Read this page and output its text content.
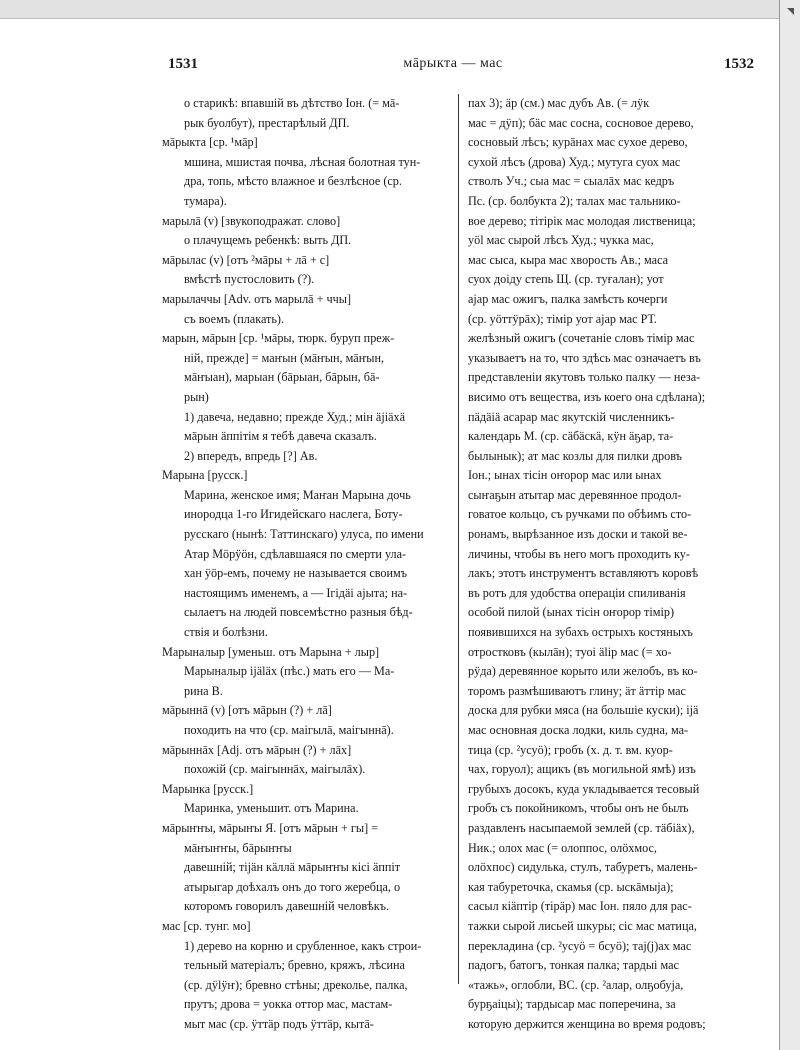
мāрыкта — мас
1531	1532
о старикѣ: впавшій въ дѣтство Іон. (= мā-
рык буолбут), престарѣлый ДП.
мāрыкта [ср. ¹мāр]
мшина, мшистая почва, лѣсная болотная тун-
дра, топь, мѣсто влажное и безлѣсное (ср.
тумара).
марылā (v) [звукоподражат. слово]
о плачущемъ ребенкѣ: выть ДП.
мāрылас (v) [отъ ²мāры + лā + с]
вмѣстѣ пустословить (?).
марылаччы [Adv. отъ марылā + ччы]
съ воемъ (плакать).
марын, мāрын [ср. ¹мāры, тюрк. буруп преж-
ній, прежде] = маҥын (мāҥын, мāҥын,
мāҥыан), марыан (бāрыан, бāрын, бā-
рын)
1) давеча, недавно; прежде Худ.; мін äjiäxä
мāрын äппітім я тебѣ давеча сказалъ.
2) впередъ, впредь [?] Ав.
Марына [русск.]
Марина, женское имя; Маҥан Марына дочь
инородца 1-го Игидейскаго наслега, Боту-
русскаго (нынѣ: Таттинскаго) улуса, по имени
Атар Мӧрӱӧн, сдѣлавшаяся по смерти ула-
хан ӱӧр-емъ, почему не называется своимъ
настоящимъ именемъ, а — Ігідäі аjыта; на-
сылаетъ на людей повсемѣстно разныя бѣд-
ствія и болѣзни.
Марыналыр [уменьш. отъ Марына + лыр]
Марыналыр ijäläx (пѣс.) мать его — Ма-
рина В.
мāрыннā (v) [отъ мāрын (?) + лā]
походить на что (ср. маігылā, маігыннā).
мāрыннāх [Adj. отъ мāрын (?) + лāх]
похожій (ср. маігыннāх, маігылāх).
Марынка [русск.]
Маринка, уменьшит. отъ Марина.
мāрыҥҥы, мāрыҥы Я. [отъ мāрын + гы] =
мāҥыҥҥы, бāрыҥҥы
давешній; тіjäн кäллä мāрыҥҥы кісі äппіт
атырыгар доѣхалъ онъ до того жеребца, о
которомъ говорилъ давешній человѣкъ.
мас [ср. тунг. мо]
1) дерево на корню и срубленное, какъ строи-
тельный матеріалъ; бревно, кряжъ, лѣсина
(ср. дӱlӱҥ); бревно стѣны; дреколье, палка,
прутъ; дрова = уокка оттор мас, мастам-
мыт мас (ср. ӱттäр подъ ӱттäр, кытā-
пах 3); äр (см.) мас дубъ Ав. (= лӱк
мас = дӱп); бäс мас сосна, сосновое дерево,
сосновый лѣсъ; курāнах мас сухое дерево,
сухой лѣсъ (дрова) Худ.; мутуга суох мас
стволъ Уч.; сыа мас = сыалāх мас кедръ
Пс. (ср. болбукта 2); талах мас тальнико-
вое дерево; тітірік мас молодая лиственица;
уöl мас сырой лѣсъ Худ.; чуккa мас,
мас сыса, кыра мас хворость Ав.; маса
суох доіду степь Щ. (ср. туғалан); уот
аjар мас ожигъ, палка замѣсть кочерги
(ср. уöттӱрāх); тімір уот аjар мас РТ.
желѣзный ожигъ (сочетаніе словъ тімір мас
указываетъ на то, что здѣсь мас означаетъ въ
представленіи якутовъ только палку — неза-
висимо отъ вещества, изъ коего она сдѣлана);
пäдäiä асарар мас якутскій численникъ-
календарь М. (ср. сäбäскä, кӱн äҕар, та-
былынык); ат мас козлы для пилки дровъ
Іон.; ынах тісін оҥорор мас или ынах
сыҥаҕын атытар мас деревянное продол-
говатое кольцо, съ ручками по обѣимъ сто-
ронамъ, вырѣзанное изъ доски и такой ве-
личины, чтобы въ него могъ проходить ку-
лакъ; этотъ инструментъ вставляютъ коровѣ
въ ротъ для удобства операціи спиливанія
особой пилой (ынах тісін оҥорор тімір)
появившихся на зубахъ острыхъ костяныхъ
отростковъ (кылāн); туоі äliр мас (= хо-
рӱда) деревянное корыто или желобъ, въ ко-
торомъ размѣшиваютъ глину; äт äттір мас
доска для рубки мяса (на большіе куски); іjä
мас основная доска лодки, киль судна, ма-
тица (ср. ²усуö); гробъ (х. д. т. вм. куор-
чах, горуол); ащикъ (въ могильной ямѣ) изъ
грубыхъ досокъ, куда укладывается тесовый
гробъ съ покойникомъ, чтобы онъ не былъ
раздавленъ насыпаемой землей (ср. тäбiäх),
Ник.; олох мас (= олоппос, олӧхмос,
олöхпос) сидулька, стулъ, табуретъ, малень-
кая табуреточка, скамья (ср. ыскāмыjа);
сасыл кіäптір (тірäр) мас Іон. пяло для рас-
тажки сырой лисьей шкуры; сіс мас матица,
перекладина (ср. ²усуö = бсуö); таj(j)ах мас
падогъ, батогъ, тонкая палка; тардыi мас
«тажь», оглобли, ВС. (ср. ²алар, олҕобуjа,
бурҕаiцы); тардысар мас поперечина, за
которую держится женщина во время родовъ;
